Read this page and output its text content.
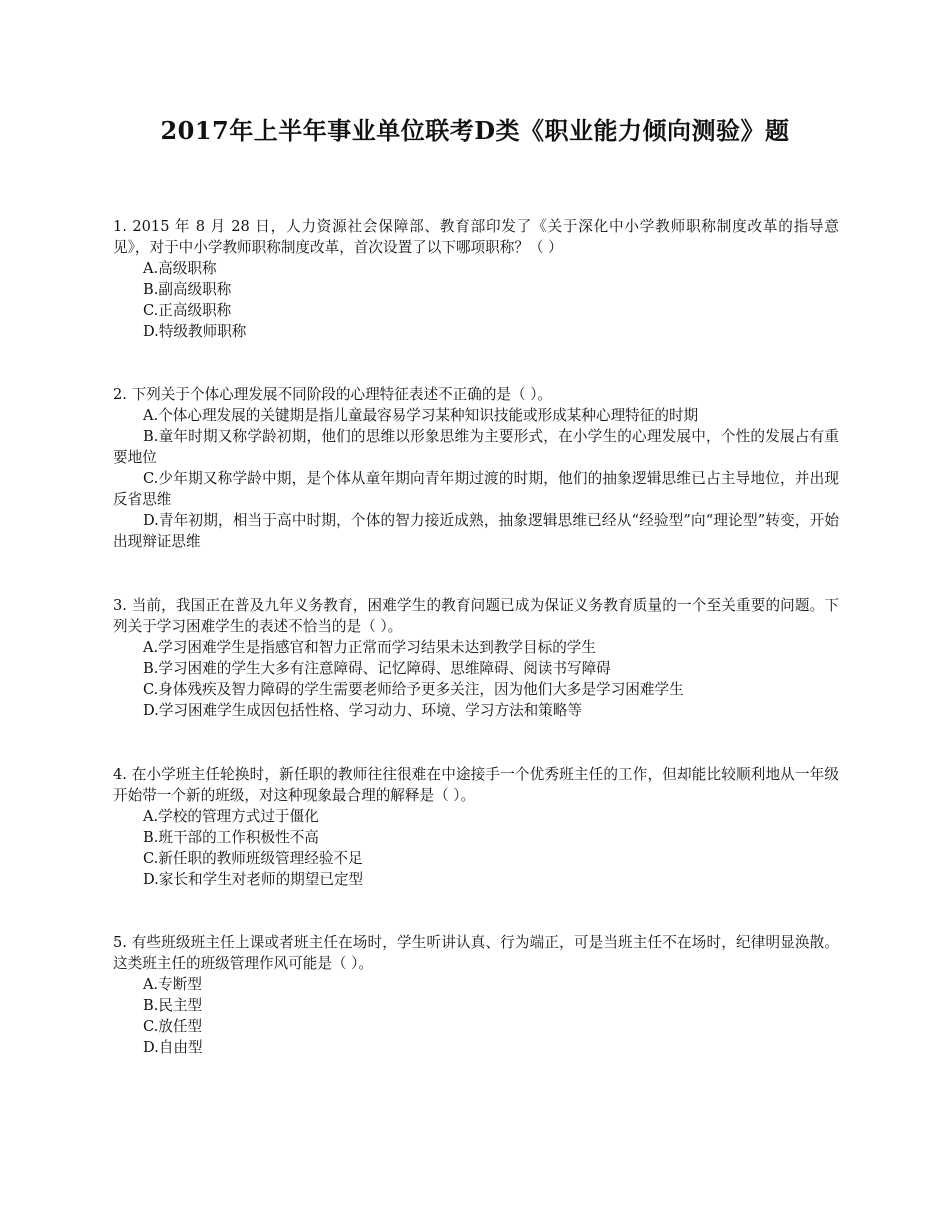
2017年上半年事业单位联考D类《职业能力倾向测验》题

1. 2015 年 8 月 28 日，人力资源社会保障部、教育部印发了《关于深化中小学教师职称制度改革的指导意见》，对于中小学教师职称制度改革，首次设置了以下哪项职称？（ ）

A.高级职称
B.副高级职称
C.正高级职称
D.特级教师职称

2. 下列关于个体心理发展不同阶段的心理特征表述不正确的是（ ）。

A.个体心理发展的关键期是指儿童最容易学习某种知识技能或形成某种心理特征的时期
B.童年时期又称学龄初期，他们的思维以形象思维为主要形式，在小学生的心理发展中，个性的发展占有重要地位
C.少年期又称学龄中期，是个体从童年期向青年期过渡的时期，他们的抽象逻辑思维已占主导地位，并出现反省思维
D.青年初期，相当于高中时期，个体的智力接近成熟，抽象逻辑思维已经从“经验型”向“理论型”转变，开始出现辩证思维

3. 当前，我国正在普及九年义务教育，困难学生的教育问题已成为保证义务教育质量的一个至关重要的问题。下列关于学习困难学生的表述不恰当的是（ ）。

A.学习困难学生是指感官和智力正常而学习结果未达到教学目标的学生
B.学习困难的学生大多有注意障碍、记忆障碍、思维障碍、阅读书写障碍
C.身体残疾及智力障碍的学生需要老师给予更多关注，因为他们大多是学习困难学生
D.学习困难学生成因包括性格、学习动力、环境、学习方法和策略等

4. 在小学班主任轮换时，新任职的教师往往很难在中途接手一个优秀班主任的工作，但却能比较顺利地从一年级开始带一个新的班级，对这种现象最合理的解释是（ ）。

A.学校的管理方式过于僵化
B.班干部的工作积极性不高
C.新任职的教师班级管理经验不足
D.家长和学生对老师的期望已定型

5. 有些班级班主任上课或者班主任在场时，学生听讲认真、行为端正，可是当班主任不在场时，纪律明显涣散。这类班主任的班级管理作风可能是（ ）。

A.专断型
B.民主型
C.放任型
D.自由型
